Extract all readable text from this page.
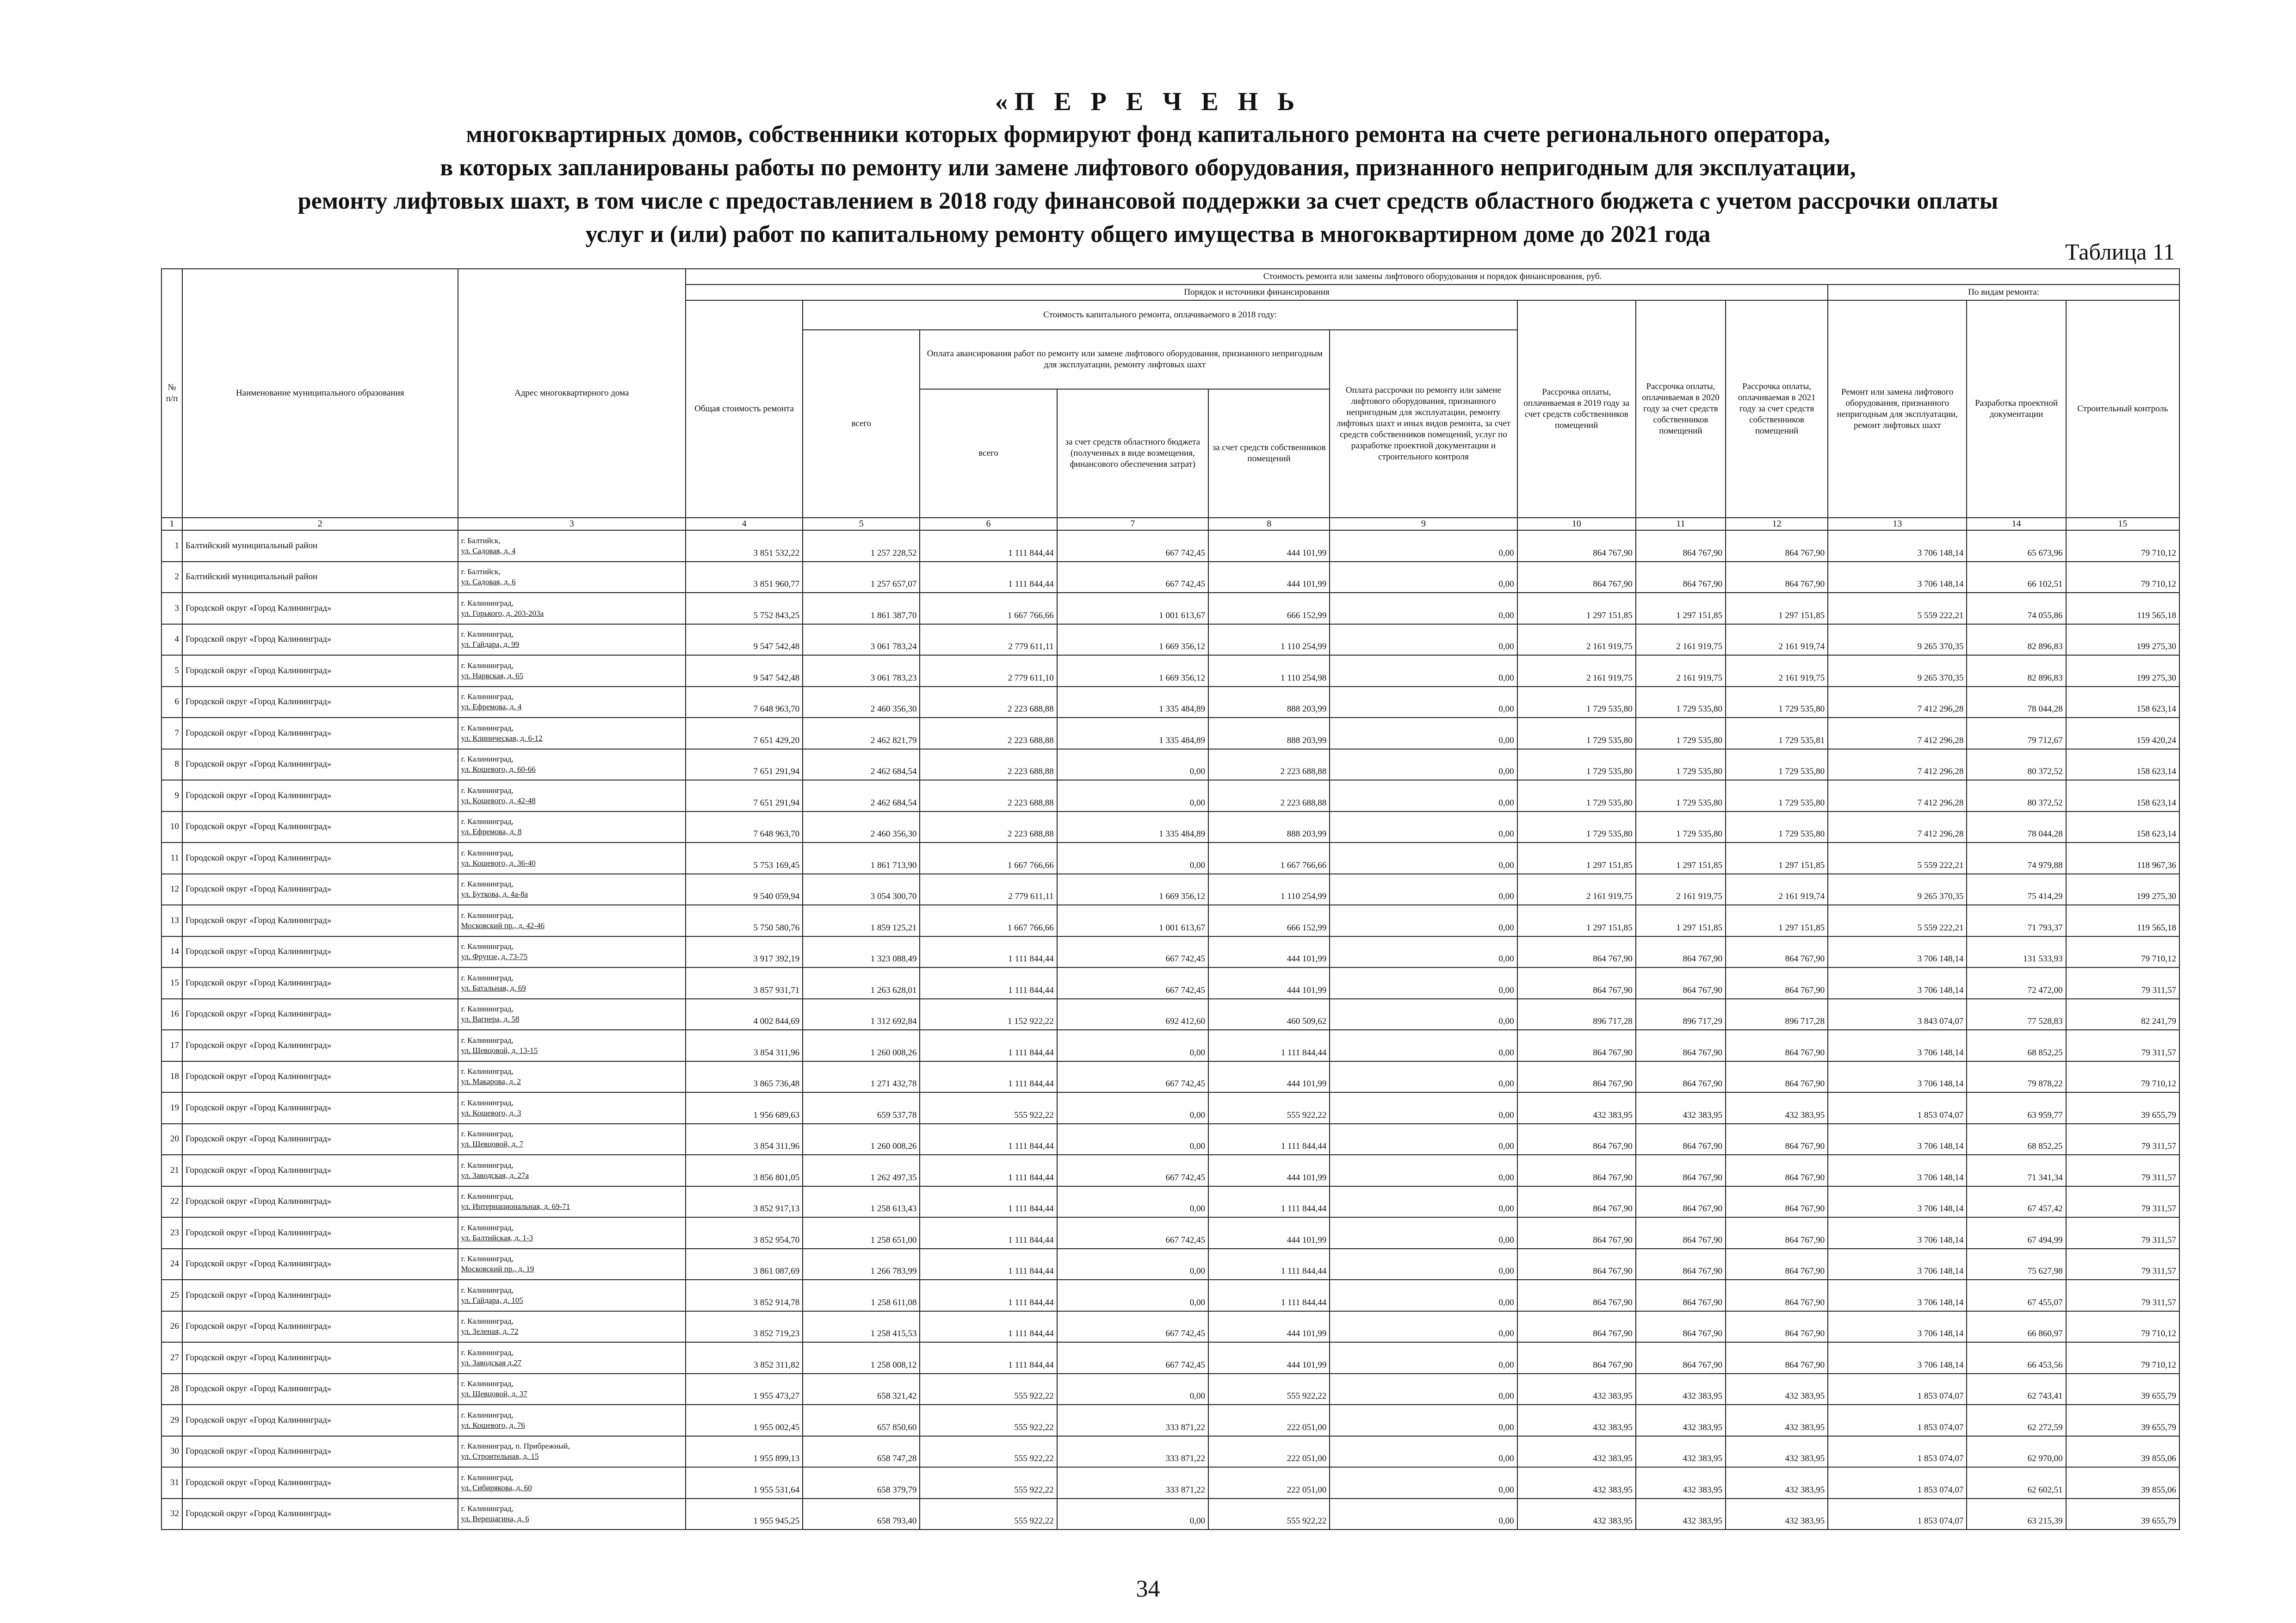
«П Е Р Е Ч Е Н Ь
многоквартирных домов, собственники которых формируют фонд капитального ремонта на счете регионального оператора,
в которых запланированы работы по ремонту или замене лифтового оборудования, признанного непригодным для эксплуатации,
ремонту лифтовых шахт, в том числе с предоставлением в 2018 году финансовой поддержки за счет средств областного бюджета с учетом рассрочки оплаты
услуг и (или) работ по капитальному ремонту общего имущества в многоквартирном доме до 2021 года
Таблица 11
№ п/п	Наименование муниципального образования	Адрес многоквартирного дома	Стоимость ремонта или замены лифтового оборудования и порядок финансирования, руб.											
			Порядок и источники финансирования									По видам ремонта:		
			Общая стоимость ремонта	Стоимость капитального ремонта, оплачиваемого в 2018 году:					Рассрочка оплаты, оплачиваемая в 2019 году за счет средств собственников помещений	Рассрочка оплаты, оплачиваемая в 2020 году за счет средств собственников помещений	Рассрочка оплаты, оплачиваемая в 2021 году за счет средств собственников помещений	Ремонт или замена лифтового оборудования, признанного непригодным для эксплуатации, ремонт лифтовых шахт	Разработка проектной документации	Строительный контроль
				всего	Оплата авансирования работ по ремонту или замене лифтового оборудования, признанного непригодным для эксплуатации, ремонту лифтовых шахт			Оплата рассрочки по ремонту или замене лифтового оборудования, признанного непригодным для эксплуатации, ремонту лифтовых шахт и иных видов ремонта, за счет средств собственников помещений, услуг по разработке проектной документации и строительного контроля						
					всего	за счет средств областного бюджета (полученных в виде возмещения, финансового обеспечения затрат)	за счет средств собственников помещений							
1	2	3	4	5	6	7	8	9	10	11	12	13	14	15
1	Балтийский муниципальный район	г. Балтийск,
ул. Садовая, д. 4	3 851 532,22	1 257 228,52	1 111 844,44	667 742,45	444 101,99	0,00	864 767,90	864 767,90	864 767,90	3 706 148,14	65 673,96	79 710,12
2	Балтийский муниципальный район	г. Балтийск,
ул. Садовая, д. 6	3 851 960,77	1 257 657,07	1 111 844,44	667 742,45	444 101,99	0,00	864 767,90	864 767,90	864 767,90	3 706 148,14	66 102,51	79 710,12
3	Городской округ «Город Калининград»	г. Калининград,
ул. Горького, д. 203-203а	5 752 843,25	1 861 387,70	1 667 766,66	1 001 613,67	666 152,99	0,00	1 297 151,85	1 297 151,85	1 297 151,85	5 559 222,21	74 055,86	119 565,18
4	Городской округ «Город Калининград»	г. Калининград,
ул. Гайдара, д. 99	9 547 542,48	3 061 783,24	2 779 611,11	1 669 356,12	1 110 254,99	0,00	2 161 919,75	2 161 919,75	2 161 919,74	9 265 370,35	82 896,83	199 275,30
5	Городской округ «Город Калининград»	г. Калининград,
ул. Нарвская, д. 65	9 547 542,48	3 061 783,23	2 779 611,10	1 669 356,12	1 110 254,98	0,00	2 161 919,75	2 161 919,75	2 161 919,75	9 265 370,35	82 896,83	199 275,30
6	Городской округ «Город Калининград»	г. Калининград,
ул. Ефремова, д. 4	7 648 963,70	2 460 356,30	2 223 688,88	1 335 484,89	888 203,99	0,00	1 729 535,80	1 729 535,80	1 729 535,80	7 412 296,28	78 044,28	158 623,14
7	Городской округ «Город Калининград»	г. Калининград,
ул. Клиническая, д. 6-12	7 651 429,20	2 462 821,79	2 223 688,88	1 335 484,89	888 203,99	0,00	1 729 535,80	1 729 535,80	1 729 535,81	7 412 296,28	79 712,67	159 420,24
8	Городской округ «Город Калининград»	г. Калининград,
ул. Кошевого, д. 60-66	7 651 291,94	2 462 684,54	2 223 688,88	0,00	2 223 688,88	0,00	1 729 535,80	1 729 535,80	1 729 535,80	7 412 296,28	80 372,52	158 623,14
9	Городской округ «Город Калининград»	г. Калининград,
ул. Кошевого, д. 42-48	7 651 291,94	2 462 684,54	2 223 688,88	0,00	2 223 688,88	0,00	1 729 535,80	1 729 535,80	1 729 535,80	7 412 296,28	80 372,52	158 623,14
10	Городской округ «Город Калининград»	г. Калининград,
ул. Ефремова, д. 8	7 648 963,70	2 460 356,30	2 223 688,88	1 335 484,89	888 203,99	0,00	1 729 535,80	1 729 535,80	1 729 535,80	7 412 296,28	78 044,28	158 623,14
11	Городской округ «Город Калининград»	г. Калининград,
ул. Кошевого, д. 36-40	5 753 169,45	1 861 713,90	1 667 766,66	0,00	1 667 766,66	0,00	1 297 151,85	1 297 151,85	1 297 151,85	5 559 222,21	74 979,88	118 967,36
12	Городской округ «Город Калининград»	г. Калининград,
ул. Буткова, д. 4а-8а	9 540 059,94	3 054 300,70	2 779 611,11	1 669 356,12	1 110 254,99	0,00	2 161 919,75	2 161 919,75	2 161 919,74	9 265 370,35	75 414,29	199 275,30
13	Городской округ «Город Калининград»	г. Калининград,
Московский пр., д. 42-46	5 750 580,76	1 859 125,21	1 667 766,66	1 001 613,67	666 152,99	0,00	1 297 151,85	1 297 151,85	1 297 151,85	5 559 222,21	71 793,37	119 565,18
14	Городской округ «Город Калининград»	г. Калининград,
ул. Фрунзе, д. 73-75	3 917 392,19	1 323 088,49	1 111 844,44	667 742,45	444 101,99	0,00	864 767,90	864 767,90	864 767,90	3 706 148,14	131 533,93	79 710,12
15	Городской округ «Город Калининград»	г. Калининград,
ул. Батальная, д. 69	3 857 931,71	1 263 628,01	1 111 844,44	667 742,45	444 101,99	0,00	864 767,90	864 767,90	864 767,90	3 706 148,14	72 472,00	79 311,57
16	Городской округ «Город Калининград»	г. Калининград,
ул. Вагнера, д. 58	4 002 844,69	1 312 692,84	1 152 922,22	692 412,60	460 509,62	0,00	896 717,28	896 717,29	896 717,28	3 843 074,07	77 528,83	82 241,79
17	Городской округ «Город Калининград»	г. Калининград,
ул. Шевцовой, д. 13-15	3 854 311,96	1 260 008,26	1 111 844,44	0,00	1 111 844,44	0,00	864 767,90	864 767,90	864 767,90	3 706 148,14	68 852,25	79 311,57
18	Городской округ «Город Калининград»	г. Калининград,
ул. Макарова, д. 2	3 865 736,48	1 271 432,78	1 111 844,44	667 742,45	444 101,99	0,00	864 767,90	864 767,90	864 767,90	3 706 148,14	79 878,22	79 710,12
19	Городской округ «Город Калининград»	г. Калининград,
ул. Кошевого, д. 3	1 956 689,63	659 537,78	555 922,22	0,00	555 922,22	0,00	432 383,95	432 383,95	432 383,95	1 853 074,07	63 959,77	39 655,79
20	Городской округ «Город Калининград»	г. Калининград,
ул. Шевцовой, д. 7	3 854 311,96	1 260 008,26	1 111 844,44	0,00	1 111 844,44	0,00	864 767,90	864 767,90	864 767,90	3 706 148,14	68 852,25	79 311,57
21	Городской округ «Город Калининград»	г. Калининград,
ул. Заводская, д. 27а	3 856 801,05	1 262 497,35	1 111 844,44	667 742,45	444 101,99	0,00	864 767,90	864 767,90	864 767,90	3 706 148,14	71 341,34	79 311,57
22	Городской округ «Город Калининград»	г. Калининград,
ул. Интернациональная, д. 69-71	3 852 917,13	1 258 613,43	1 111 844,44	0,00	1 111 844,44	0,00	864 767,90	864 767,90	864 767,90	3 706 148,14	67 457,42	79 311,57
23	Городской округ «Город Калининград»	г. Калининград,
ул. Балтийская, д. 1-3	3 852 954,70	1 258 651,00	1 111 844,44	667 742,45	444 101,99	0,00	864 767,90	864 767,90	864 767,90	3 706 148,14	67 494,99	79 311,57
24	Городской округ «Город Калининград»	г. Калининград,
Московский пр., д. 19	3 861 087,69	1 266 783,99	1 111 844,44	0,00	1 111 844,44	0,00	864 767,90	864 767,90	864 767,90	3 706 148,14	75 627,98	79 311,57
25	Городской округ «Город Калининград»	г. Калининград,
ул. Гайдара, д. 105	3 852 914,78	1 258 611,08	1 111 844,44	0,00	1 111 844,44	0,00	864 767,90	864 767,90	864 767,90	3 706 148,14	67 455,07	79 311,57
26	Городской округ «Город Калининград»	г. Калининград,
ул. Зеленая, д. 72	3 852 719,23	1 258 415,53	1 111 844,44	667 742,45	444 101,99	0,00	864 767,90	864 767,90	864 767,90	3 706 148,14	66 860,97	79 710,12
27	Городской округ «Город Калининград»	г. Калининград,
ул. Заводская д.27	3 852 311,82	1 258 008,12	1 111 844,44	667 742,45	444 101,99	0,00	864 767,90	864 767,90	864 767,90	3 706 148,14	66 453,56	79 710,12
28	Городской округ «Город Калининград»	г. Калининград,
ул. Шевцовой, д. 37	1 955 473,27	658 321,42	555 922,22	0,00	555 922,22	0,00	432 383,95	432 383,95	432 383,95	1 853 074,07	62 743,41	39 655,79
29	Городской округ «Город Калининград»	г. Калининград,
ул. Кошевого, д. 76	1 955 002,45	657 850,60	555 922,22	333 871,22	222 051,00	0,00	432 383,95	432 383,95	432 383,95	1 853 074,07	62 272,59	39 655,79
30	Городской округ «Город Калининград»	г. Калининград, п. Прибрежный,
ул. Строительная, д. 15	1 955 899,13	658 747,28	555 922,22	333 871,22	222 051,00	0,00	432 383,95	432 383,95	432 383,95	1 853 074,07	62 970,00	39 855,06
31	Городской округ «Город Калининград»	г. Калининград,
ул. Сибирякова, д. 60	1 955 531,64	658 379,79	555 922,22	333 871,22	222 051,00	0,00	432 383,95	432 383,95	432 383,95	1 853 074,07	62 602,51	39 855,06
32	Городской округ «Город Калининград»	г. Калининград,
ул. Верещагина, д. 6	1 955 945,25	658 793,40	555 922,22	0,00	555 922,22	0,00	432 383,95	432 383,95	432 383,95	1 853 074,07	63 215,39	39 655,79
34
